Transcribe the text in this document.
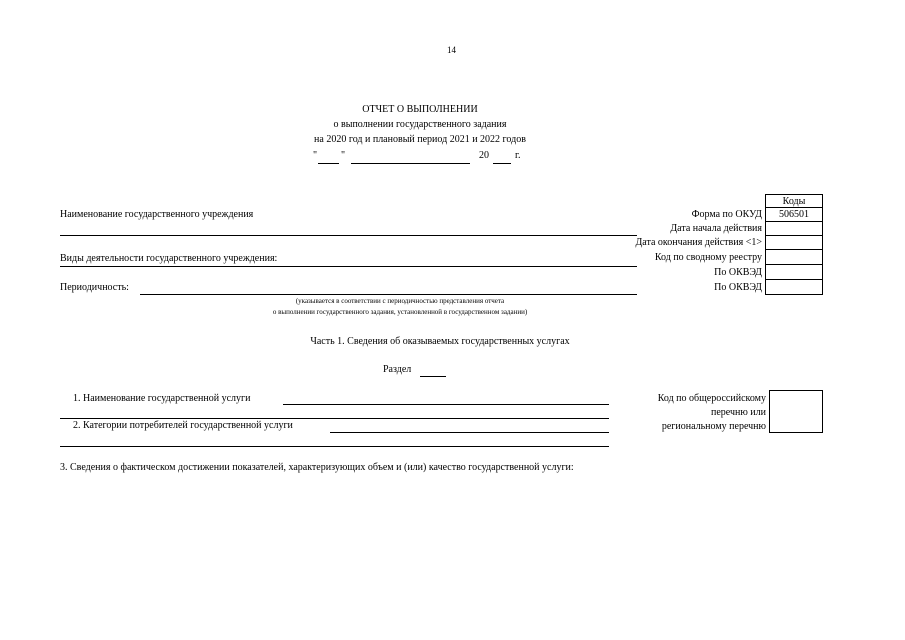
14
ОТЧЕТ О ВЫПОЛНЕНИИ
о выполнении государственного задания
на 2020 год и плановый период 2021 и 2022 годов
" "	20	г.
Коды
506501
Наименование государственного учреждения
Виды деятельности государственного учреждения:
Периодичность:
Форма по ОКУД
Дата начала действия
Дата окончания действия <1>
Код по сводному реестру
По ОКВЭД
По ОКВЭД
(указывается в соответствии с периодичностью представления отчета
о выполнении государственного задания, установленной в государственном задании)
Часть 1. Сведения об оказываемых государственных услугах
Раздел
1. Наименование государственной услуги
2. Категории потребителей государственной услуги
Код по общероссийскому
перечню или
региональному перечню
3. Сведения о фактическом достижении показателей, характеризующих объем и (или) качество государственной услуги:
